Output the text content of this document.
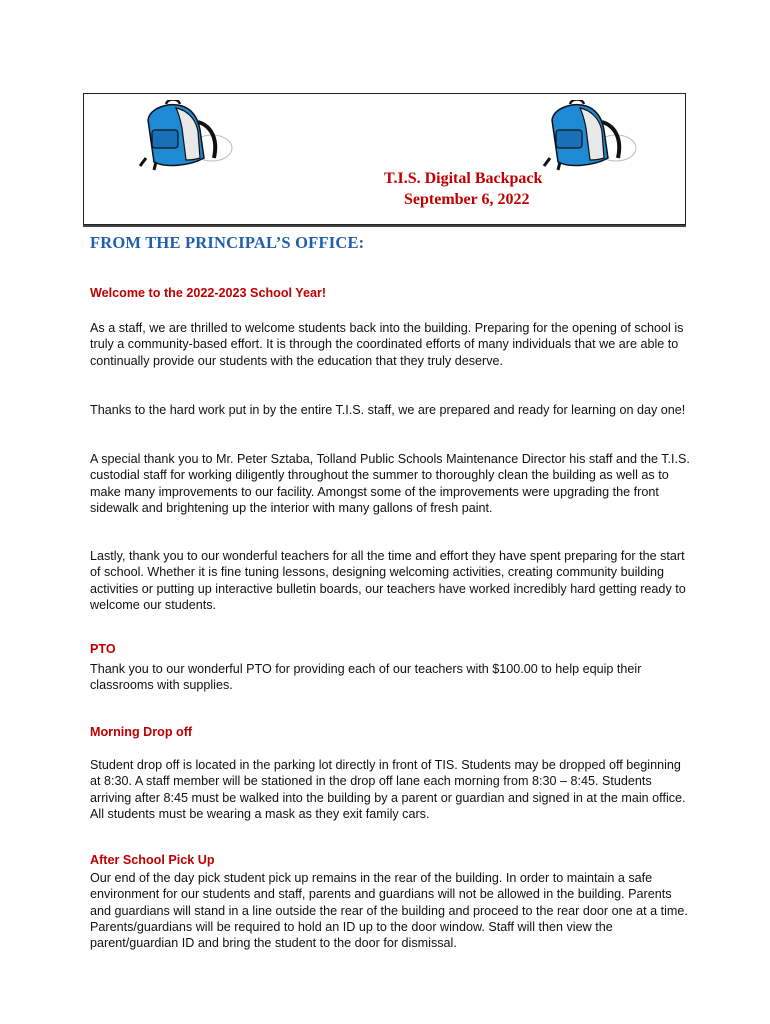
T.I.S. Digital Backpack
September 6, 2022
FROM THE PRINCIPAL’S OFFICE:
Welcome to the 2022-2023 School Year!
As a staff, we are thrilled to welcome students back into the building. Preparing for the opening of school is truly a community-based effort. It is through the coordinated efforts of many individuals that we are able to continually provide our students with the education that they truly deserve.
Thanks to the hard work put in by the entire T.I.S. staff, we are prepared and ready for learning on day one!
A special thank you to Mr. Peter Sztaba, Tolland Public Schools Maintenance Director his staff and the T.I.S. custodial staff for working diligently throughout the summer to thoroughly clean the building as well as to make many improvements to our facility. Amongst some of the improvements were upgrading the front sidewalk and brightening up the interior with many gallons of fresh paint.
Lastly, thank you to our wonderful teachers for all the time and effort they have spent preparing for the start of school. Whether it is fine tuning lessons, designing welcoming activities, creating community building activities or putting up interactive bulletin boards, our teachers have worked incredibly hard getting ready to welcome our students.
PTO
Thank you to our wonderful PTO for providing each of our teachers with $100.00 to help equip their classrooms with supplies.
Morning Drop off
Student drop off is located in the parking lot directly in front of TIS. Students may be dropped off beginning at 8:30. A staff member will be stationed in the drop off lane each morning from 8:30 – 8:45. Students arriving after 8:45 must be walked into the building by a parent or guardian and signed in at the main office. All students must be wearing a mask as they exit family cars.
After School Pick Up
Our end of the day pick student pick up remains in the rear of the building. In order to maintain a safe environment for our students and staff, parents and guardians will not be allowed in the building. Parents and guardians will stand in a line outside the rear of the building and proceed to the rear door one at a time. Parents/guardians will be required to hold an ID up to the door window. Staff will then view the parent/guardian ID and bring the student to the door for dismissal.
